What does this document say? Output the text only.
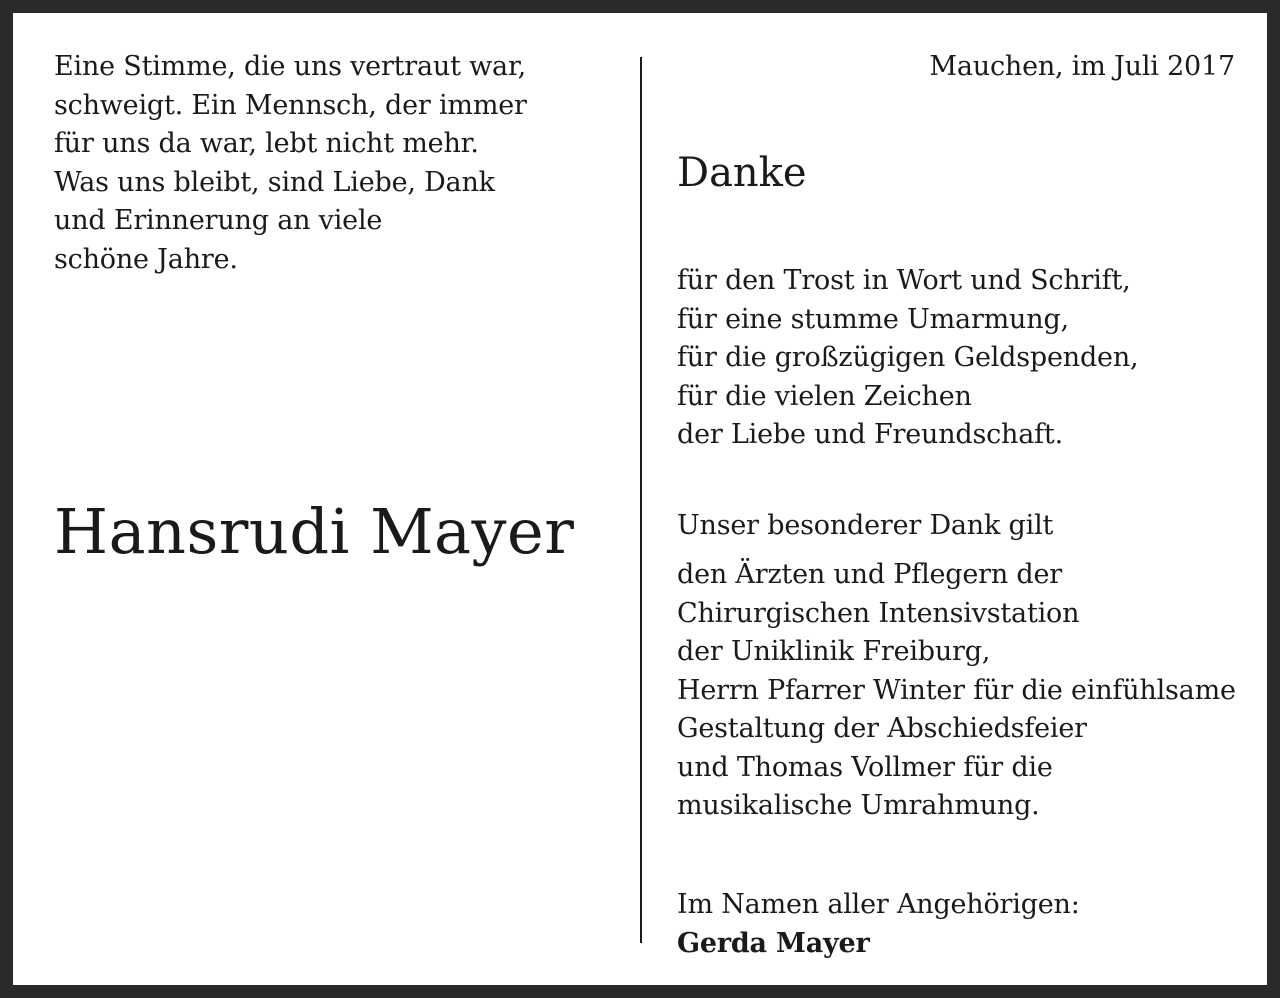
Eine Stimme, die uns vertraut war,
schweigt. Ein Mennsch, der immer
für uns da war, lebt nicht mehr.
Was uns bleibt, sind Liebe, Dank
und Erinnerung an viele
schöne Jahre.

Hansrudi Mayer

Mauchen, im Juli 2017

Danke

für den Trost in Wort und Schrift,
für eine stumme Umarmung,
für die großzügigen Geldspenden,
für die vielen Zeichen
der Liebe und Freundschaft.

Unser besonderer Dank gilt

den Ärzten und Pflegern der
Chirurgischen Intensivstation
der Uniklinik Freiburg,
Herrn Pfarrer Winter für die einfühlsame
Gestaltung der Abschiedsfeier
und Thomas Vollmer für die
musikalische Umrahmung.

Im Namen aller Angehörigen:

Gerda Mayer
